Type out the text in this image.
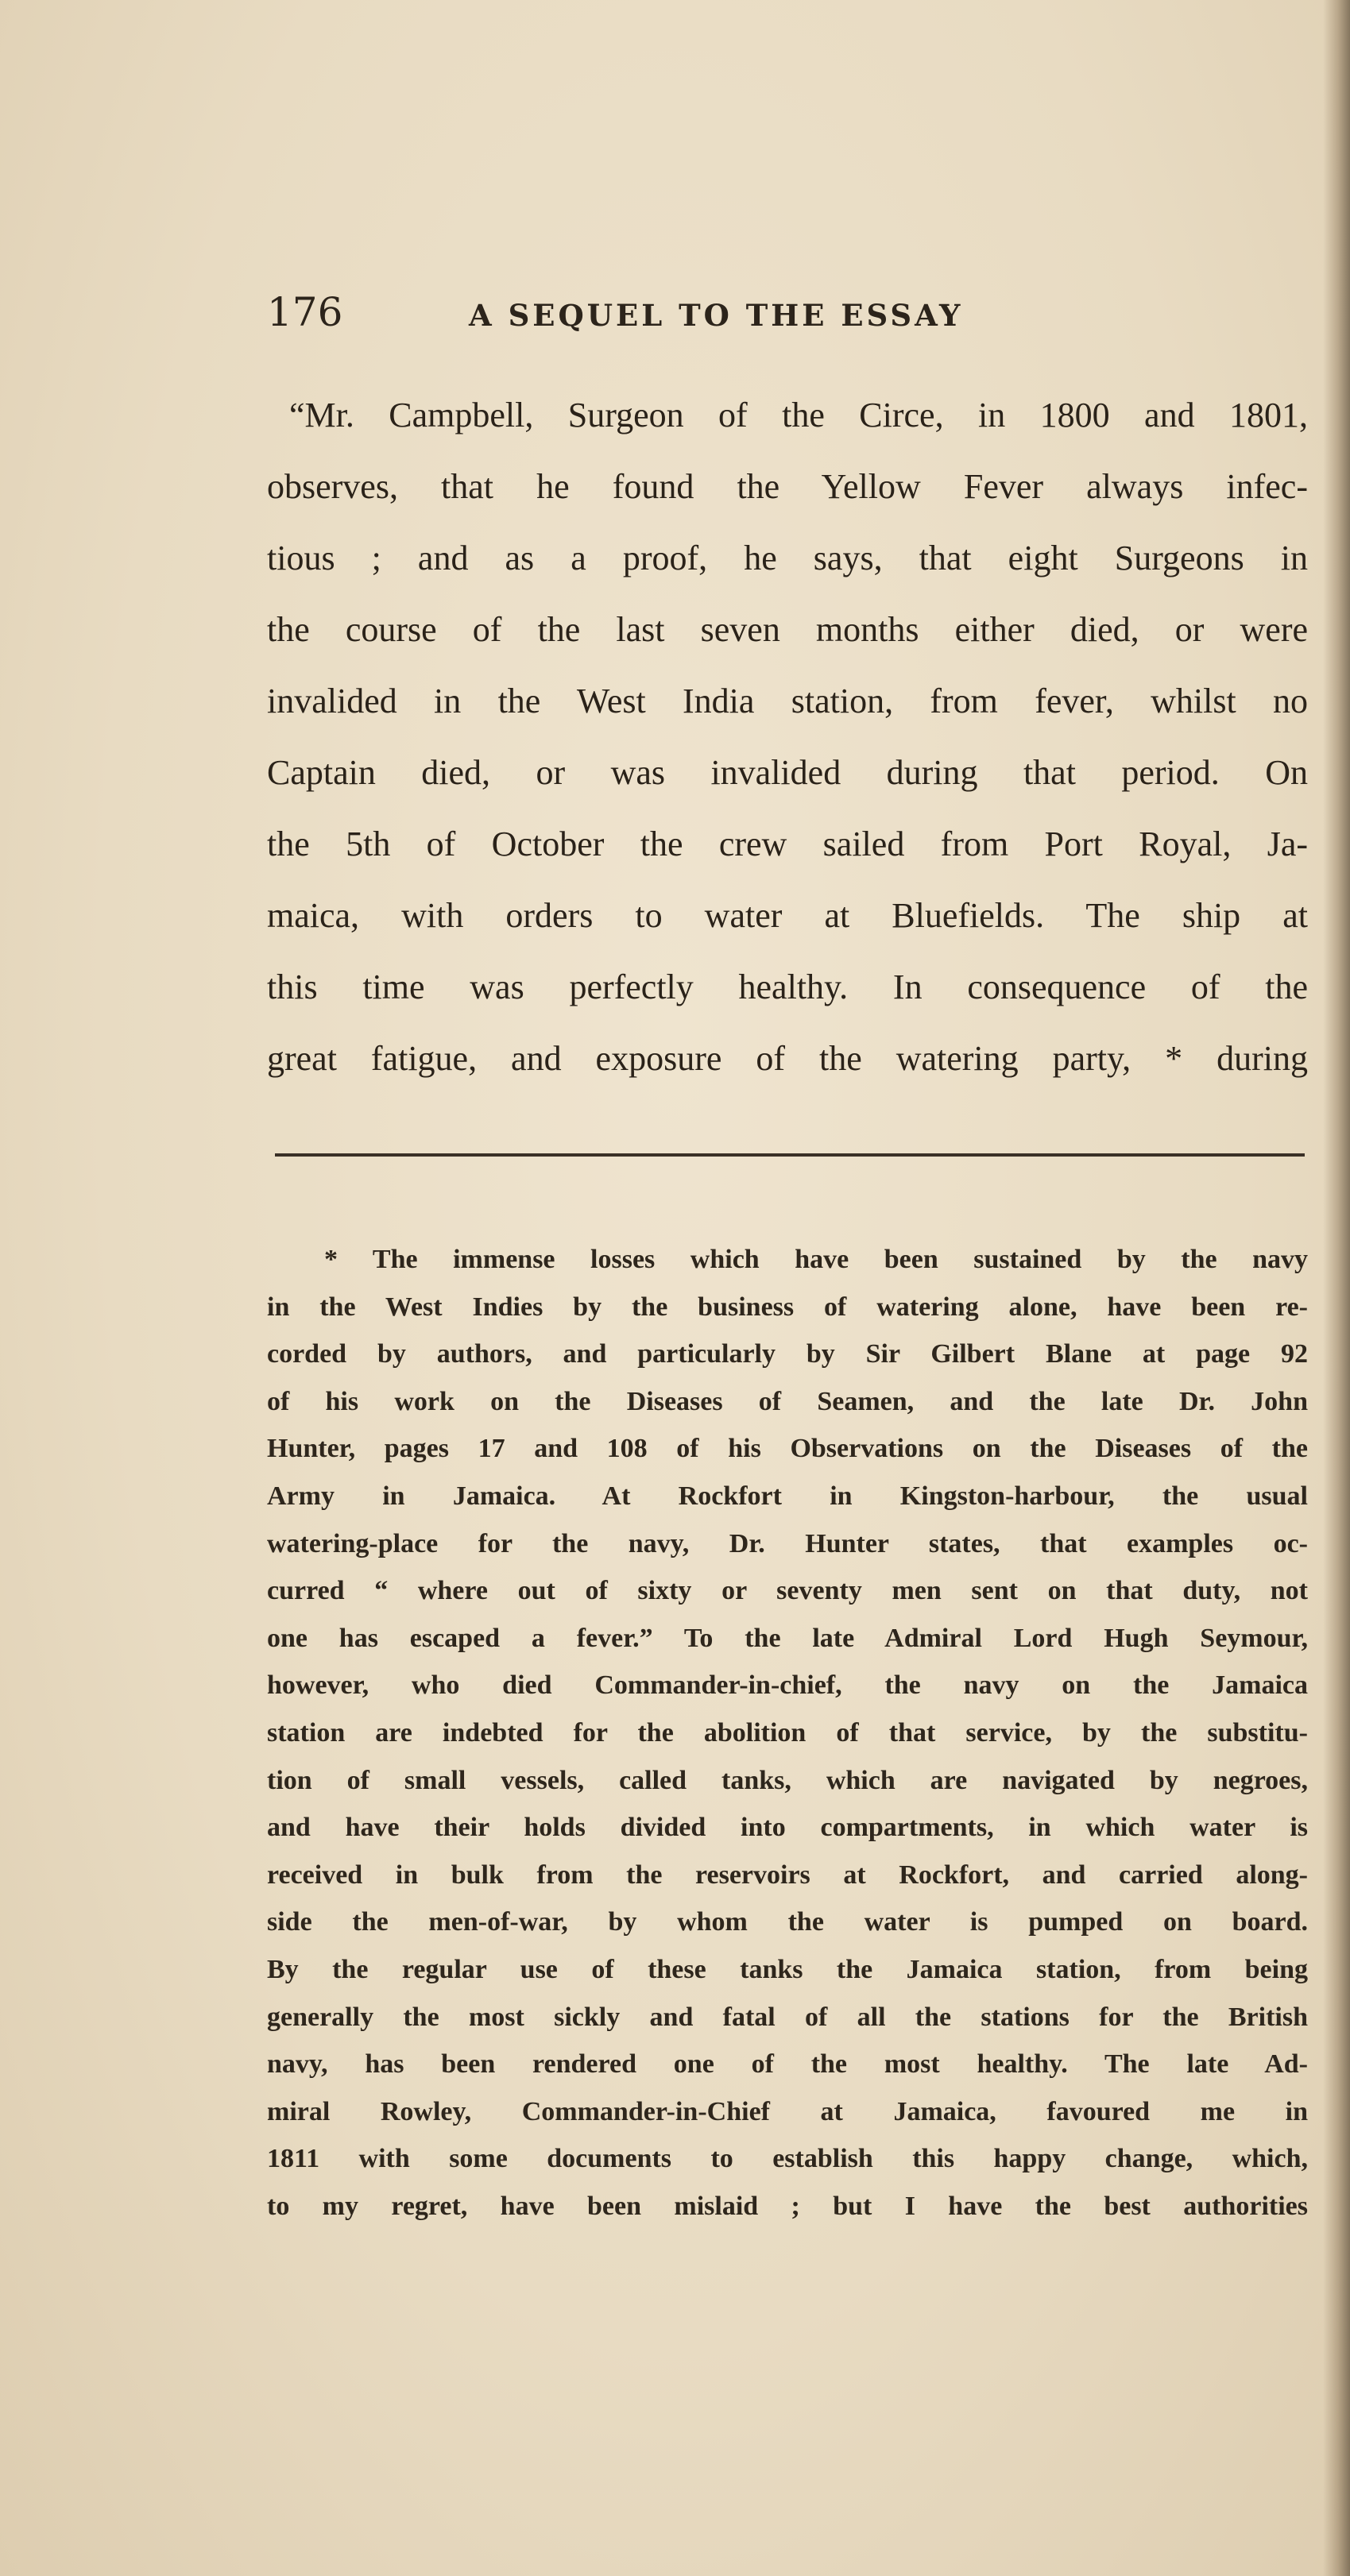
176	A SEQUEL TO THE ESSAY
“Mr. Campbell, Surgeon of the Circe, in 1800 and 1801,
observes, that he found the Yellow Fever always infec-
tious ; and as a proof, he says, that eight Surgeons in
the course of the last seven months either died, or were
invalided in the West India station, from fever, whilst no
Captain died, or was invalided during that period. On
the 5th of October the crew sailed from Port Royal, Ja-
maica, with orders to water at Bluefields. The ship at
this time was perfectly healthy. In consequence of the
great fatigue, and exposure of the watering party, * during
* The immense losses which have been sustained by the navy
in the West Indies by the business of watering alone, have been re-
corded by authors, and particularly by Sir Gilbert Blane at page 92
of his work on the Diseases of Seamen, and the late Dr. John
Hunter, pages 17 and 108 of his Observations on the Diseases of the
Army in Jamaica. At Rockfort in Kingston-harbour, the usual
watering-place for the navy, Dr. Hunter states, that examples oc-
curred “ where out of sixty or seventy men sent on that duty, not
one has escaped a fever.” To the late Admiral Lord Hugh Seymour,
however, who died Commander-in-chief, the navy on the Jamaica
station are indebted for the abolition of that service, by the substitu-
tion of small vessels, called tanks, which are navigated by negroes,
and have their holds divided into compartments, in which water is
received in bulk from the reservoirs at Rockfort, and carried along-
side the men-of-war, by whom the water is pumped on board.
By the regular use of these tanks the Jamaica station, from being
generally the most sickly and fatal of all the stations for the British
navy, has been rendered one of the most healthy. The late Ad-
miral Rowley, Commander-in-Chief at Jamaica, favoured me in
1811 with some documents to establish this happy change, which,
to my regret, have been mislaid ; but I have the best authorities
